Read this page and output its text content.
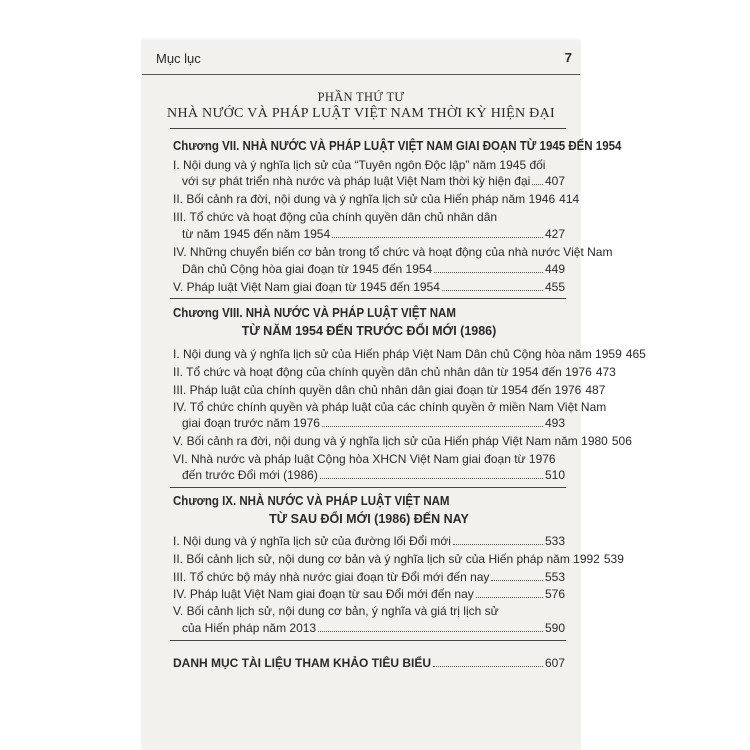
Mục lục	7
PHẦN THỨ TƯ
NHÀ NƯỚC VÀ PHÁP LUẬT VIỆT NAM THỜI KỲ HIỆN ĐẠI
Chương VII. NHÀ NƯỚC VÀ PHÁP LUẬT VIỆT NAM GIAI ĐOẠN TỪ 1945 ĐẾN 1954
I. Nội dung và ý nghĩa lịch sử của “Tuyên ngôn Độc lập” năm 1945 đối
với sự phát triển nhà nước và pháp luật Việt Nam thời kỳ hiện đại 407
II. Bối cảnh ra đời, nội dung và ý nghĩa lịch sử của Hiến pháp năm 1946 414
III. Tổ chức và hoạt động của chính quyền dân chủ nhân dân
từ năm 1945 đến năm 1954	427
IV. Những chuyển biến cơ bản trong tổ chức và hoạt động của nhà nước Việt Nam
Dân chủ Cộng hòa giai đoạn từ 1945 đến 1954	449
V. Pháp luật Việt Nam giai đoạn từ 1945 đến 1954	455
Chương VIII. NHÀ NƯỚC VÀ PHÁP LUẬT VIỆT NAM
TỪ NĂM 1954 ĐẾN TRƯỚC ĐỔI MỚI (1986)
I. Nội dung và ý nghĩa lịch sử của Hiến pháp Việt Nam Dân chủ Cộng hòa năm 1959 465
II. Tổ chức và hoạt động của chính quyền dân chủ nhân dân từ 1954 đến 1976 473
III. Pháp luật của chính quyền dân chủ nhân dân giai đoạn từ 1954 đến 1976 487
IV. Tổ chức chính quyền và pháp luật của các chính quyền ở miền Nam Việt Nam
giai đoạn trước năm 1976	493
V. Bối cảnh ra đời, nội dung và ý nghĩa lịch sử của Hiến pháp Việt Nam năm 1980 506
VI. Nhà nước và pháp luật Cộng hòa XHCN Việt Nam giai đoạn từ 1976
đến trước Đổi mới (1986)	510
Chương IX. NHÀ NƯỚC VÀ PHÁP LUẬT VIỆT NAM
TỪ SAU ĐỔI MỚI (1986) ĐẾN NAY
I. Nội dung và ý nghĩa lịch sử của đường lối Đổi mới	533
II. Bối cảnh lịch sử, nội dung cơ bản và ý nghĩa lịch sử của Hiến pháp năm 1992 539
III. Tổ chức bộ máy nhà nước giai đoạn từ Đổi mới đến nay	553
IV. Pháp luật Việt Nam giai đoạn từ sau Đổi mới đến nay	576
V. Bối cảnh lịch sử, nội dung cơ bản, ý nghĩa và giá trị lịch sử
của Hiến pháp năm 2013	590
DANH MỤC TÀI LIỆU THAM KHẢO TIÊU BIỂU	607
